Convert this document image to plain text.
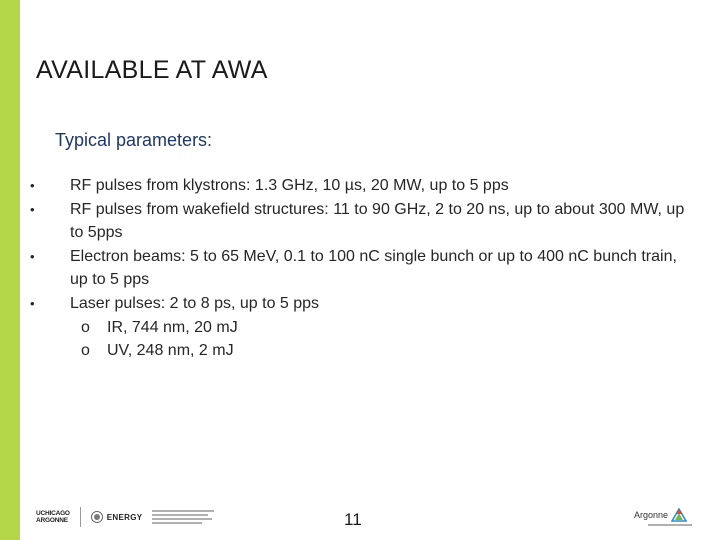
AVAILABLE AT AWA
Typical parameters:
• RF pulses from klystrons: 1.3 GHz, 10 µs, 20 MW, up to 5 pps
• RF pulses from wakefield structures: 11 to 90 GHz, 2 to 20 ns, up to about 300 MW, up to 5pps
• Electron beams: 5 to 65 MeV, 0.1 to 100 nC single bunch or up to 400 nC bunch train, up to 5 pps
• Laser pulses: 2 to 8 ps, up to 5 pps
o IR, 744 nm, 20 mJ
o UV, 248 nm, 2 mJ
UCHICAGO
ARGONNE	ENERGY	11	Argonne
